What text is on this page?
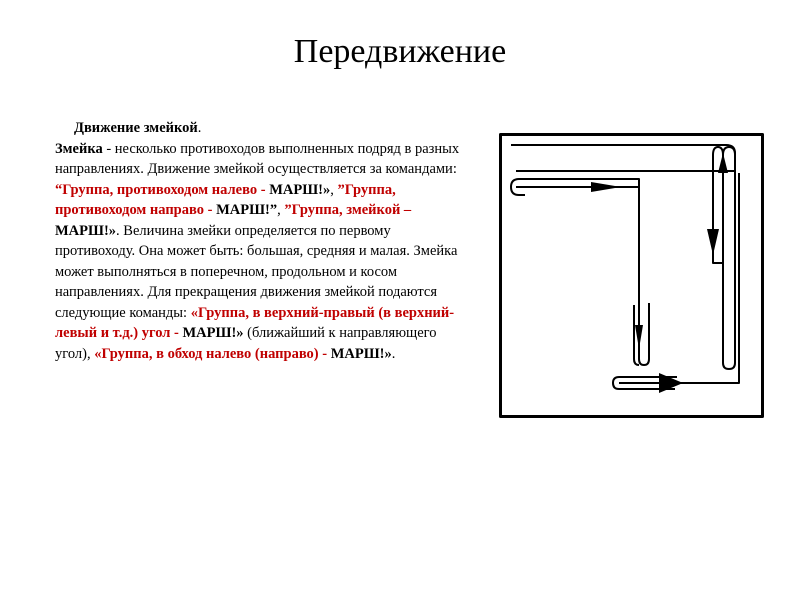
Передвижение

Движение змейкой.

Змейка - несколько противоходов выполненных подряд в разных направлениях. Движение змейкой осуществляется за командами: “Группа, противоходом налево - МАРШ!», ”Группа, противоходом направо - МАРШ!”, ”Группа, змейкой – МАРШ!». Величина змейки определяется по первому противоходу. Она может быть: большая, средняя и малая. Змейка может выполняться в поперечном, продольном и косом направлениях. Для прекращения движения змейкой подаются следующие команды: «Группа, в верхний-правый (в верхний-левый и т.д.) угол - МАРШ!» (ближайший к направляющего угол), «Группа, в обход налево (направо) - МАРШ!».
